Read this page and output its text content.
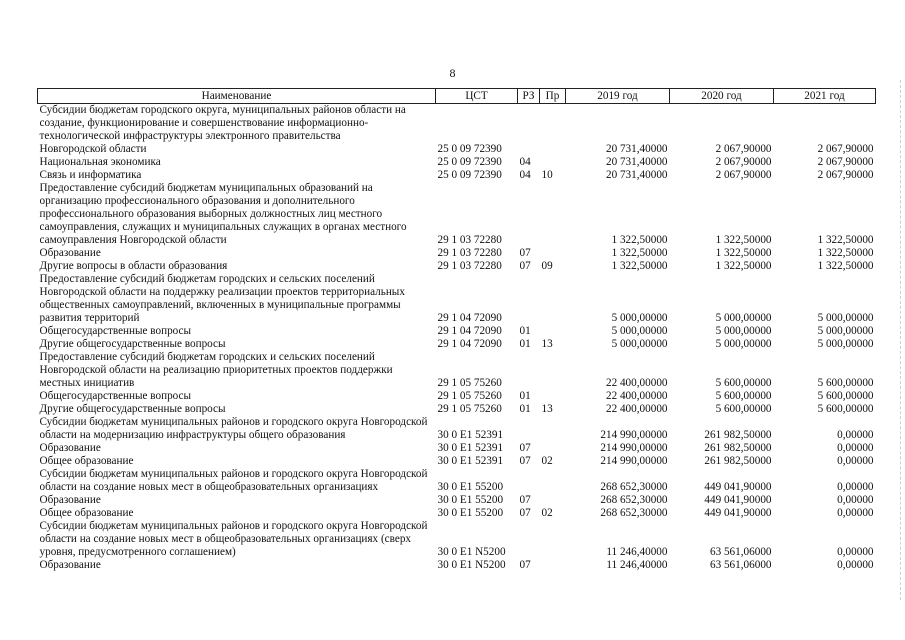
8
Наименование	ЦСТ	РЗ	Пр	2019 год	2020 год	2021 год
Субсидии бюджетам городского округа, муниципальных районов области на создание, функционирование и совершенствование информационно-технологической инфраструктуры электронного правительства						
Новгородской области	25 0 09 72390			20 731,40000	2 067,90000	2 067,90000
Национальная экономика	25 0 09 72390	04		20 731,40000	2 067,90000	2 067,90000
Связь и информатика	25 0 09 72390	04	10	20 731,40000	2 067,90000	2 067,90000
Предоставление субсидий бюджетам муниципальных образований на организацию профессионального образования и дополнительного профессионального образования выборных должностных лиц местного самоуправления, служащих и муниципальных служащих в органах местного самоуправления Новгородской области	29 1 03 72280			1 322,50000	1 322,50000	1 322,50000
Образование	29 1 03 72280	07		1 322,50000	1 322,50000	1 322,50000
Другие вопросы в области образования	29 1 03 72280	07	09	1 322,50000	1 322,50000	1 322,50000
Предоставление субсидий бюджетам городских и сельских поселений Новгородской области на поддержку реализации проектов территориальных общественных самоуправлений, включенных в муниципальные программы развития территорий	29 1 04 72090			5 000,00000	5 000,00000	5 000,00000
Общегосударственные вопросы	29 1 04 72090	01		5 000,00000	5 000,00000	5 000,00000
Другие общегосударственные вопросы	29 1 04 72090	01	13	5 000,00000	5 000,00000	5 000,00000
Предоставление субсидий бюджетам городских и сельских поселений Новгородской области на реализацию приоритетных проектов поддержки местных инициатив	29 1 05 75260			22 400,00000	5 600,00000	5 600,00000
Общегосударственные вопросы	29 1 05 75260	01		22 400,00000	5 600,00000	5 600,00000
Другие общегосударственные вопросы	29 1 05 75260	01	13	22 400,00000	5 600,00000	5 600,00000
Субсидии бюджетам муниципальных районов и городского округа Новгородской области на модернизацию инфраструктуры общего образования	30 0 E1 52391			214 990,00000	261 982,50000	0,00000
Образование	30 0 E1 52391	07		214 990,00000	261 982,50000	0,00000
Общее образование	30 0 E1 52391	07	02	214 990,00000	261 982,50000	0,00000
Субсидии бюджетам муниципальных районов и городского округа Новгородской области на создание новых мест в общеобразовательных организациях	30 0 E1 55200			268 652,30000	449 041,90000	0,00000
Образование	30 0 E1 55200	07		268 652,30000	449 041,90000	0,00000
Общее образование	30 0 E1 55200	07	02	268 652,30000	449 041,90000	0,00000
Субсидии бюджетам муниципальных районов и городского округа Новгородской области на создание новых мест в общеобразовательных организациях (сверх уровня, предусмотренного соглашением)	30 0 E1 N5200			11 246,40000	63 561,06000	0,00000
Образование	30 0 E1 N5200	07		11 246,40000	63 561,06000	0,00000
